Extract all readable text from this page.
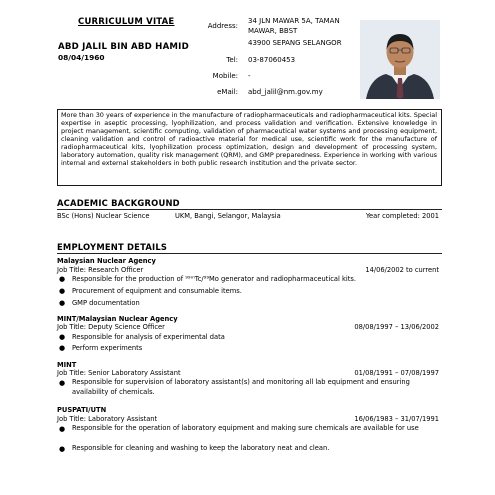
CURRICULUM VITAE
ABD JALIL BIN ABD HAMID
08/04/1960
Address:
34 JLN MAWAR 5A, TAMAN
MAWAR, BBST
43900 SEPANG SELANGOR
Tel: 03-87060453
Mobile: -
eMail: abd_jalil@nm.gov.my
More than 30 years of experience in the manufacture of radiopharmaceuticals and radiopharmaceutical kits. Special expertise in aseptic processing, lyophilization, and process validation and verification. Extensive knowledge in project management, scientific computing, validation of pharmaceutical water systems and processing equipment, cleaning validation and control of radioactive material for medical use, scientific work for the manufacture of radiopharmaceutical kits, lyophilization process optimization, design and development of processing system, laboratory automation, quality risk management (QRM), and GMP preparedness. Experience in working with various internal and external stakeholders in both public research institution and the private sector.
ACADEMIC BACKGROUND
BSc (Hons) Nuclear Science	UKM, Bangi, Selangor, Malaysia	Year completed: 2001
EMPLOYMENT DETAILS
Malaysian Nuclear Agency
Job Title: Research Officer	14/06/2002 to current
● Responsible for the production of ⁹⁹ᵐTc/⁹⁹Mo generator and radiopharmaceutical kits.
● Procurement of equipment and consumable items.
● GMP documentation
MINT/Malaysian Nuclear Agency
Job Title: Deputy Science Officer	08/08/1997 – 13/06/2002
● Responsible for analysis of experimental data
● Perform experiments
MINT
Job Title: Senior Laboratory Assistant	01/08/1991 – 07/08/1997
● Responsible for supervision of laboratory assistant(s) and monitoring all lab equipment and ensuring availability of chemicals.
PUSPATI/UTN
Job Title: Laboratory Assistant	16/06/1983 – 31/07/1991
● Responsible for the operation of laboratory equipment and making sure chemicals are available for use
● Responsible for cleaning and washing to keep the laboratory neat and clean.
